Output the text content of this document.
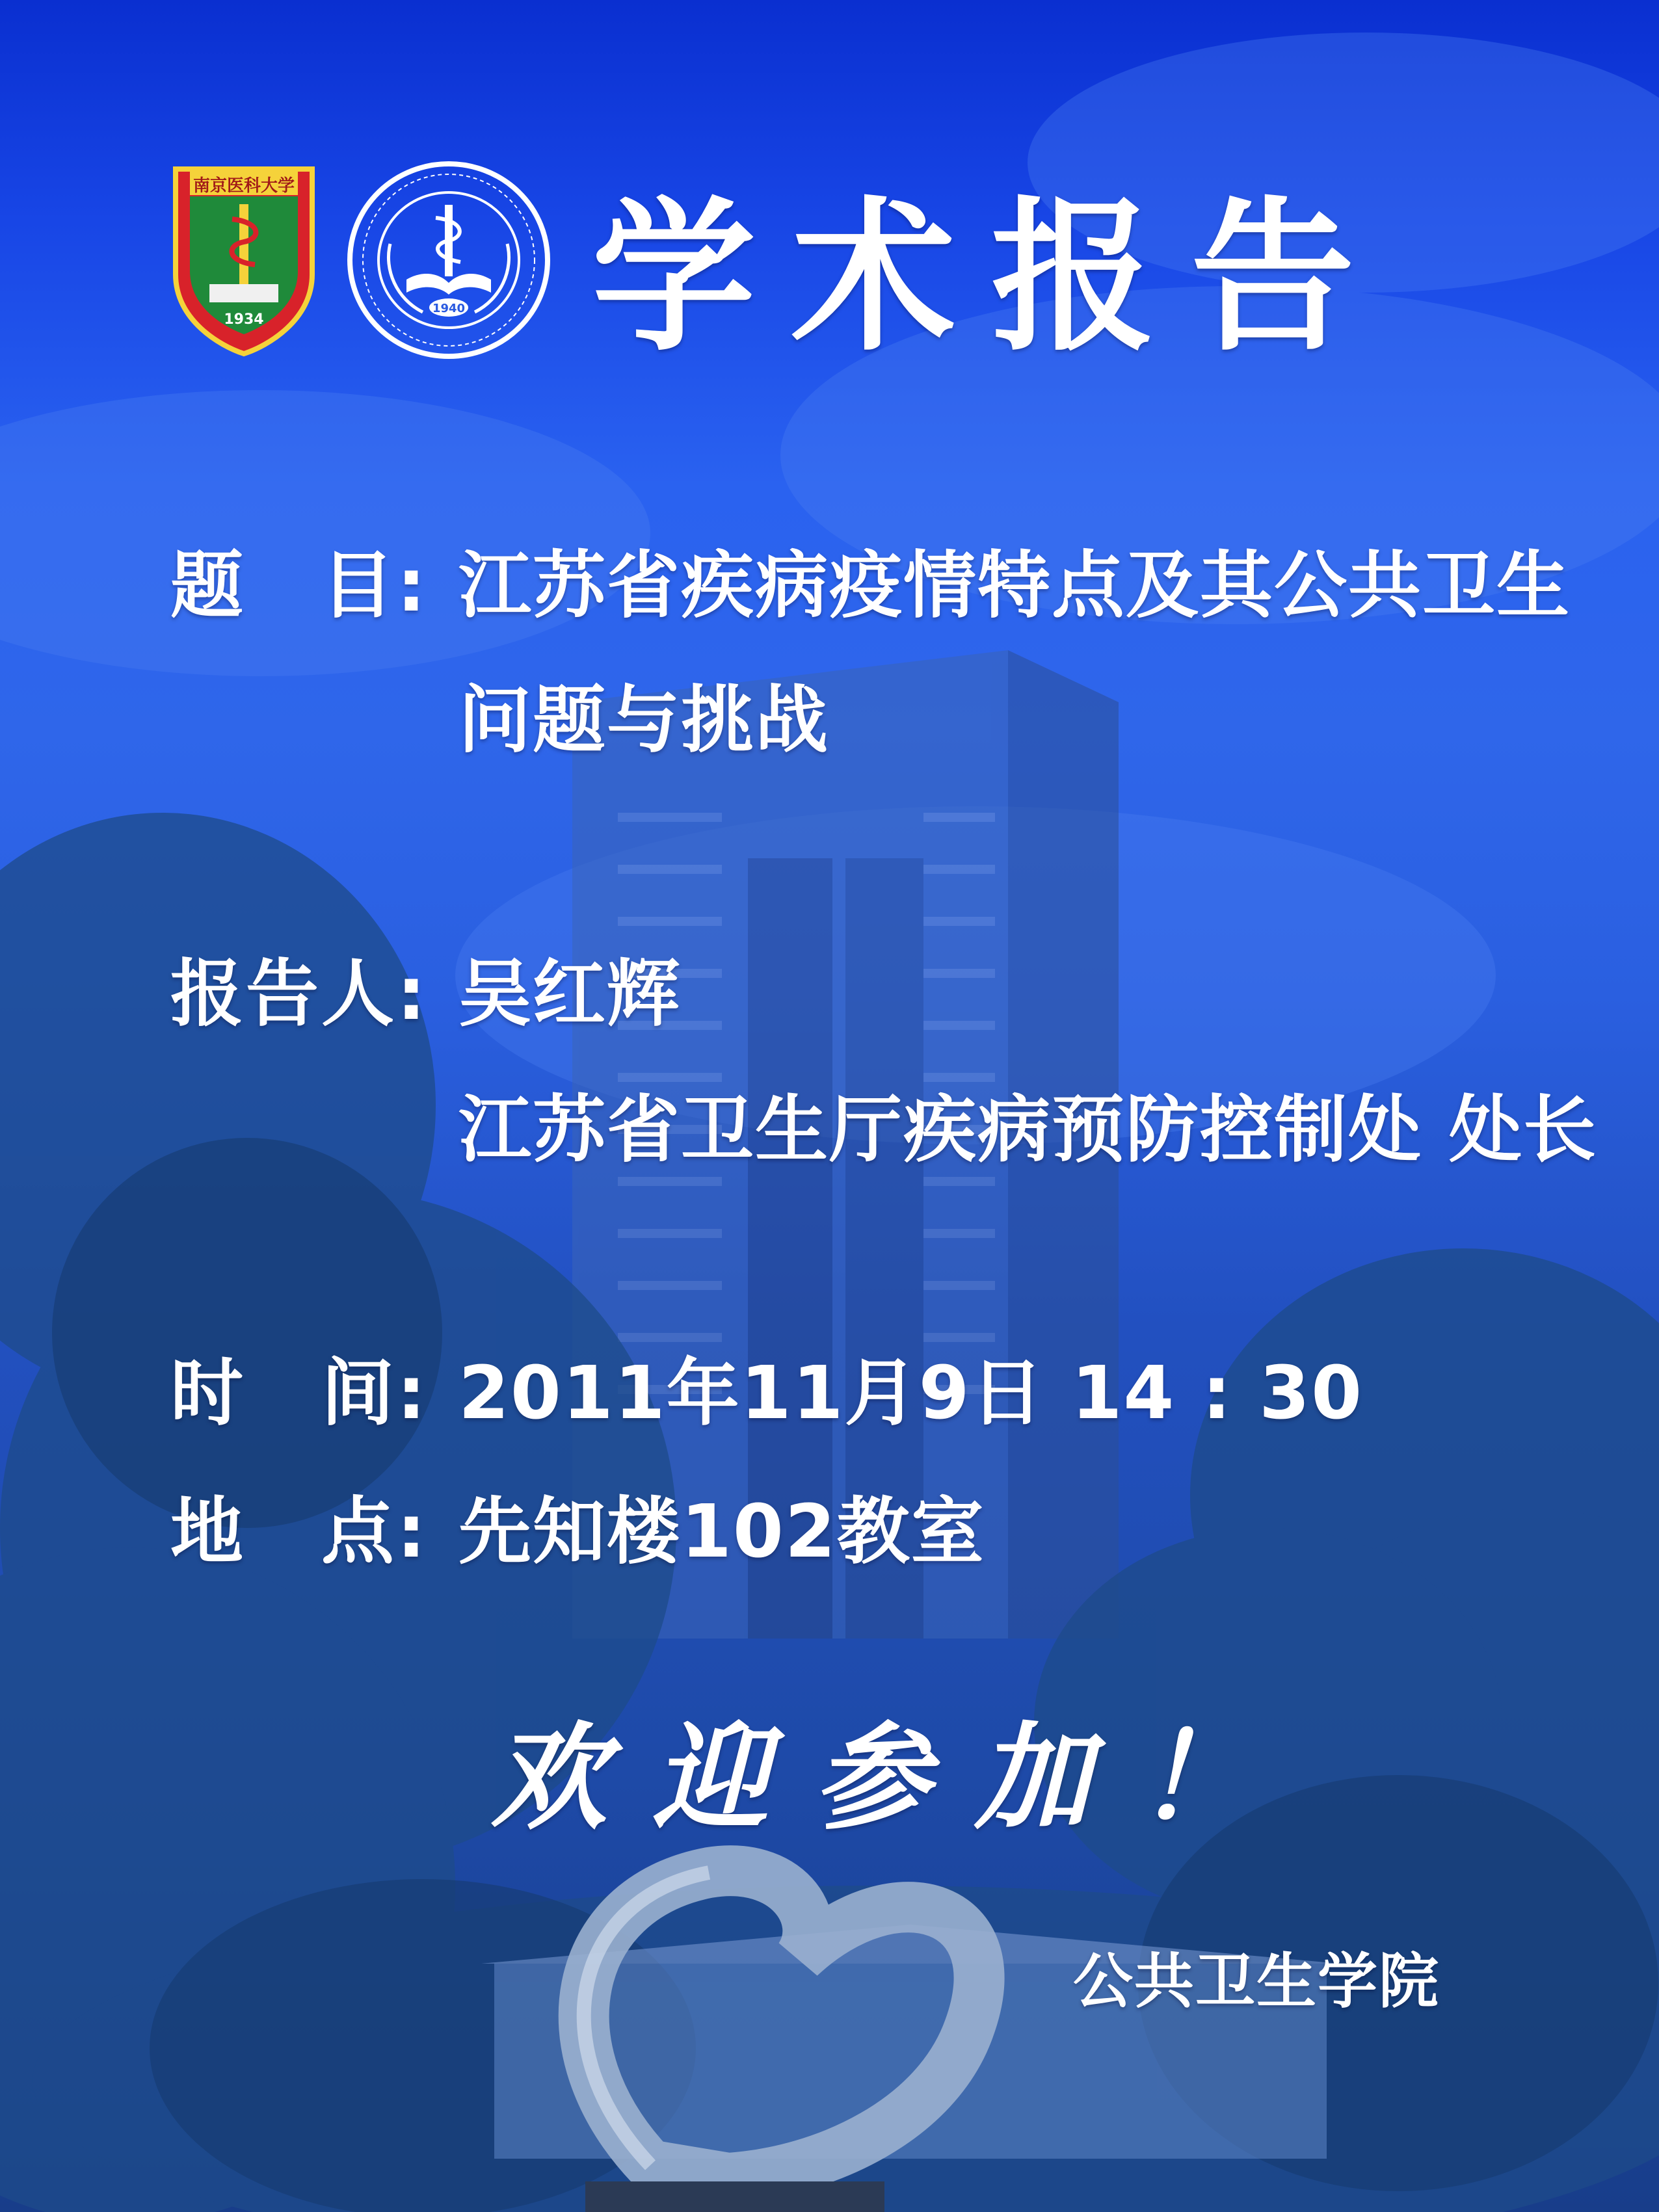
南京医科大学
1934
1940 学术报告
题　目: 江苏省疾病疫情特点及其公共卫生
问题与挑战
报告人: 吴红辉
江苏省卫生厅疾病预防控制处 处长
时　间: 2011年11月9日 14 : 30
地　点: 先知楼102教室
欢迎参加！
公共卫生学院
